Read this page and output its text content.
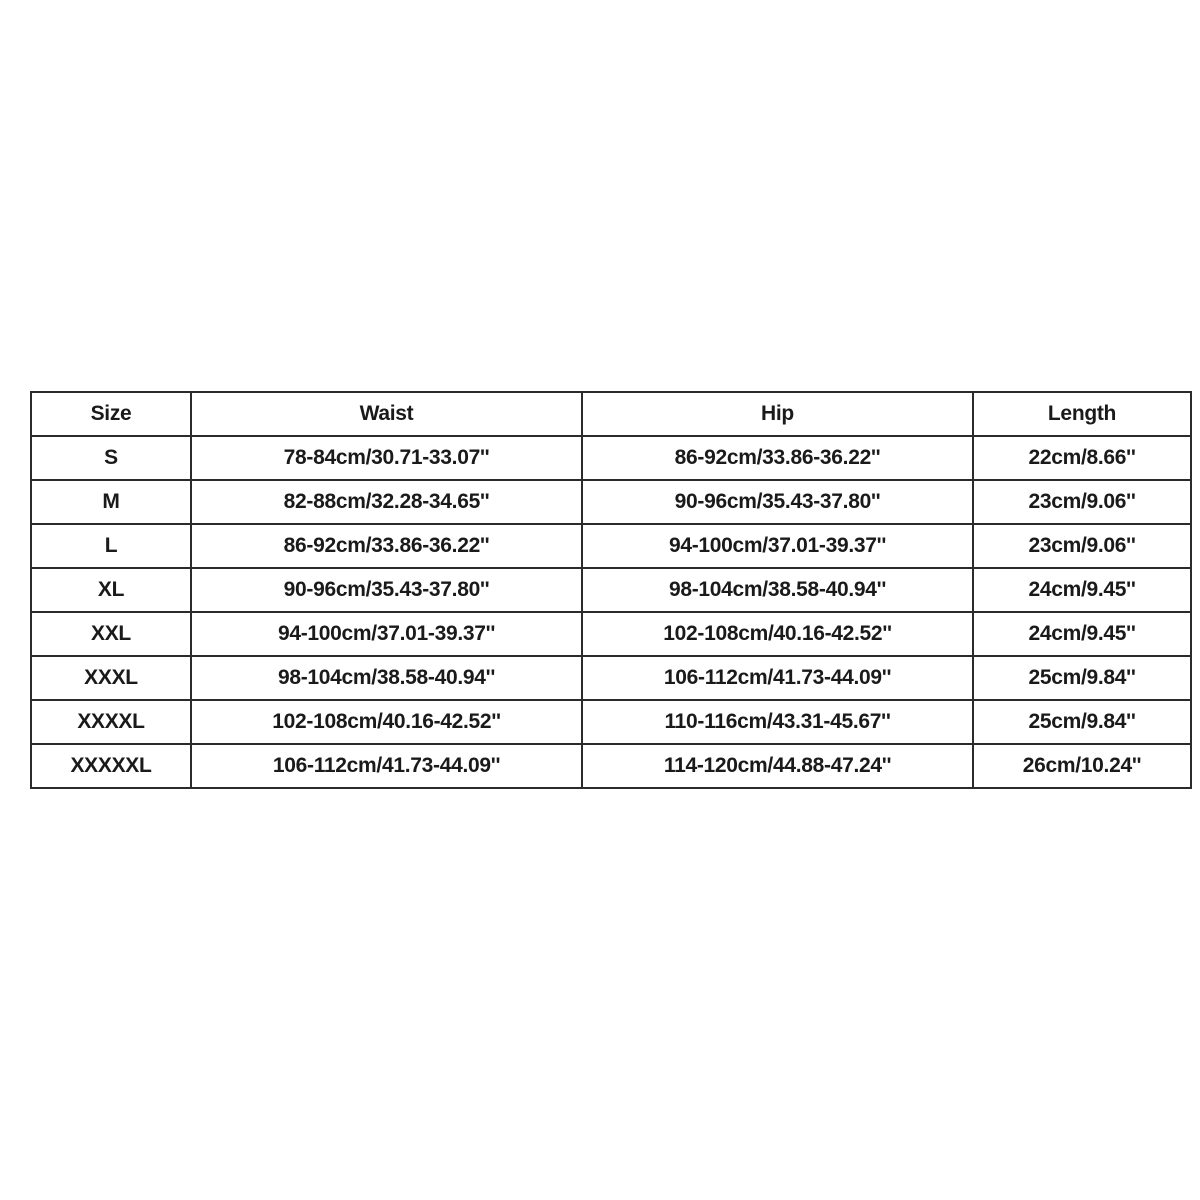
Size	Waist	Hip	Length
S	78-84cm/30.71-33.07''	86-92cm/33.86-36.22''	22cm/8.66''
M	82-88cm/32.28-34.65''	90-96cm/35.43-37.80''	23cm/9.06''
L	86-92cm/33.86-36.22''	94-100cm/37.01-39.37''	23cm/9.06''
XL	90-96cm/35.43-37.80''	98-104cm/38.58-40.94''	24cm/9.45''
XXL	94-100cm/37.01-39.37''	102-108cm/40.16-42.52''	24cm/9.45''
XXXL	98-104cm/38.58-40.94''	106-112cm/41.73-44.09''	25cm/9.84''
XXXXL	102-108cm/40.16-42.52''	110-116cm/43.31-45.67''	25cm/9.84''
XXXXXL	106-112cm/41.73-44.09''	114-120cm/44.88-47.24''	26cm/10.24''
